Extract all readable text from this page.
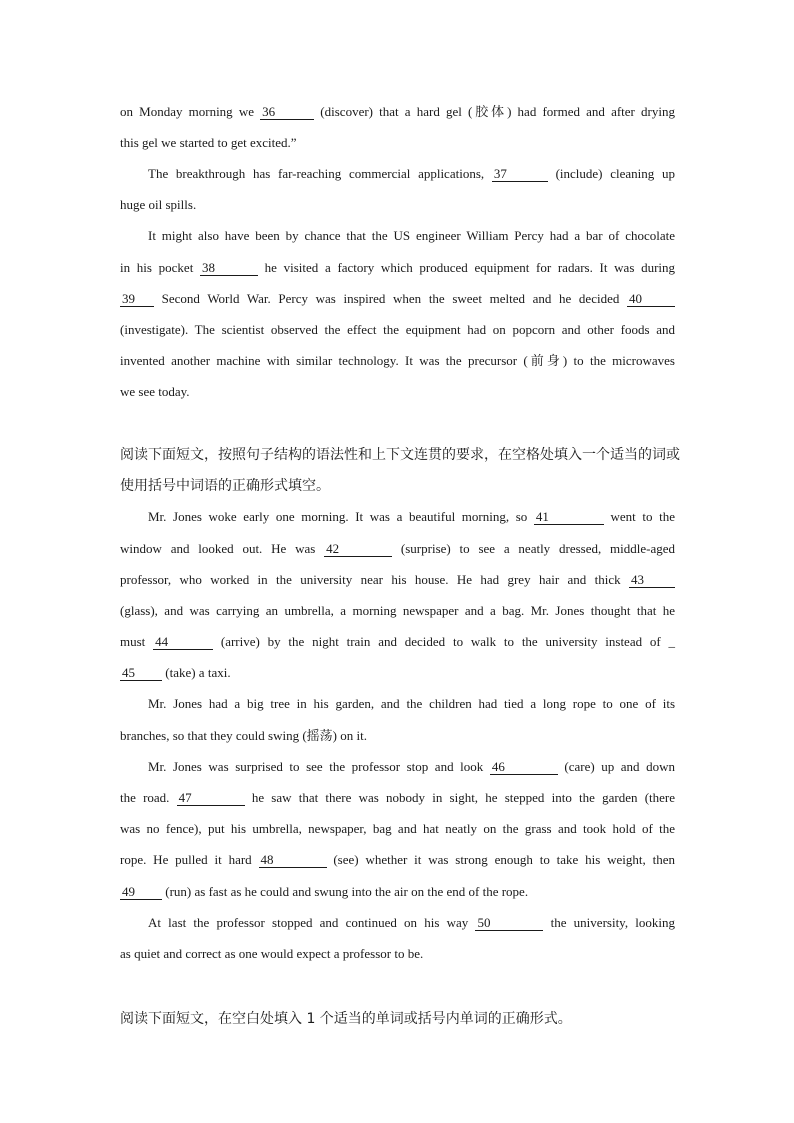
on Monday morning we 36	(discover) that a hard gel (胶体) had formed and after drying
this gel we started to get excited.”
The breakthrough has far-reaching commercial applications, 37	(include) cleaning up
huge oil spills.
It might also have been by chance that the US engineer William Percy had a bar of chocolate
in his pocket 38	he visited a factory which produced equipment for radars. It was during
39 Second World War. Percy was inspired when the sweet melted and he decided 40
(investigate). The scientist observed the effect the equipment had on popcorn and other foods and
invented another machine with similar technology. It was the precursor (前身) to the microwaves
we see today.
阅读下面短文，按照句子结构的语法性和上下文连贯的要求，在空格处填入一个适当的词或
使用括号中词语的正确形式填空。
Mr. Jones woke early one morning. It was a beautiful morning, so 41	went to the
window and looked out. He was 42	(surprise) to see a neatly dressed, middle-aged
professor, who worked in the university near his house. He had grey hair and thick 43
(glass), and was carrying an umbrella, a morning newspaper and a bag. Mr. Jones thought that he
must 44	(arrive) by the night train and decided to walk to the university instead of _
45 (take) a taxi.
Mr. Jones had a big tree in his garden, and the children had tied a long rope to one of its
branches, so that they could swing (摇荡) on it.
Mr. Jones was surprised to see the professor stop and look 46	(care) up and down
the road. 47	he saw that there was nobody in sight, he stepped into the garden (there
was no fence), put his umbrella, newspaper, bag and hat neatly on the grass and took hold of the
rope. He pulled it hard 48	(see) whether it was strong enough to take his weight, then
49 (run) as fast as he could and swung into the air on the end of the rope.
At last the professor stopped and continued on his way 50	the university, looking
as quiet and correct as one would expect a professor to be.
阅读下面短文，在空白处填入 1 个适当的单词或括号内单词的正确形式。
